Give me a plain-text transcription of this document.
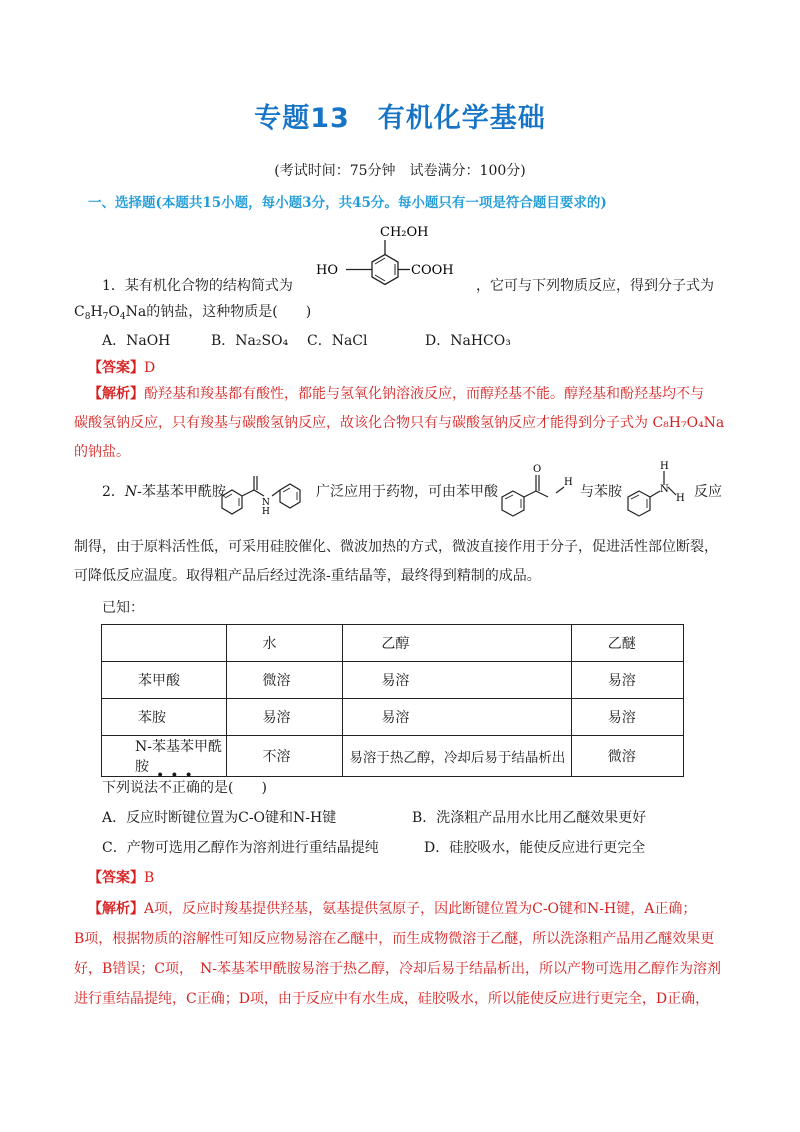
专题13　有机化学基础
(考试时间：75分钟　试卷满分：100分)
一、选择题(本题共15小题，每小题3分，共45分。每小题只有一项是符合题目要求的)
CH₂OH
HO	COOH
1．某有机化合物的结构简式为	，它可与下列物质反应，得到分子式为
$C_8H_7O_4Na$的钠盐，这种物质是(　　)
A．NaOH	B．Na₂SO₄ C．NaCl	D．NaHCO₃
【答案】D
【解析】酚羟基和羧基都有酸性，都能与氢氧化钠溶液反应，而醇羟基不能。醇羟基和酚羟基均不与
碳酸氢钠反应，只有羧基与碳酸氢钠反应，故该化合物只有与碳酸氢钠反应才能得到分子式为 C₈H₇O₄Na
的钠盐。
2．N-苯基苯甲酰胺
N
H
广泛应用于药物，可由苯甲酸
O
H
与苯胺
H
N
H 反应
制得，由于原料活性低，可采用硅胶催化、微波加热的方式，微波直接作用于分子，促进活性部位断裂，
可降低反应温度。取得粗产品后经过洗涤-重结晶等，最终得到精制的成品。
已知：
	水	乙醇	乙醚
苯甲酸	微溶	易溶	易溶
苯胺	易溶	易溶	易溶
N-苯基苯甲酰胺	不溶	易溶于热乙醇，冷却后易于结晶析出	微溶
•••
下列说法不正确的是(　　)
A．反应时断键位置为C-O键和N-H键	B．洗涤粗产品用水比用乙醚效果更好
C．产物可选用乙醇作为溶剂进行重结晶提纯	D．硅胶吸水，能使反应进行更完全
【答案】B
【解析】A项，反应时羧基提供羟基，氨基提供氢原子，因此断键位置为C-O键和N-H键，A正确；
B项，根据物质的溶解性可知反应物易溶在乙醚中，而生成物微溶于乙醚，所以洗涤粗产品用乙醚效果更
好，B错误；C项，　N-苯基苯甲酰胺易溶于热乙醇，冷却后易于结晶析出，所以产物可选用乙醇作为溶剂
进行重结晶提纯，C正确；D项，由于反应中有水生成，硅胶吸水，所以能使反应进行更完全，D正确，
